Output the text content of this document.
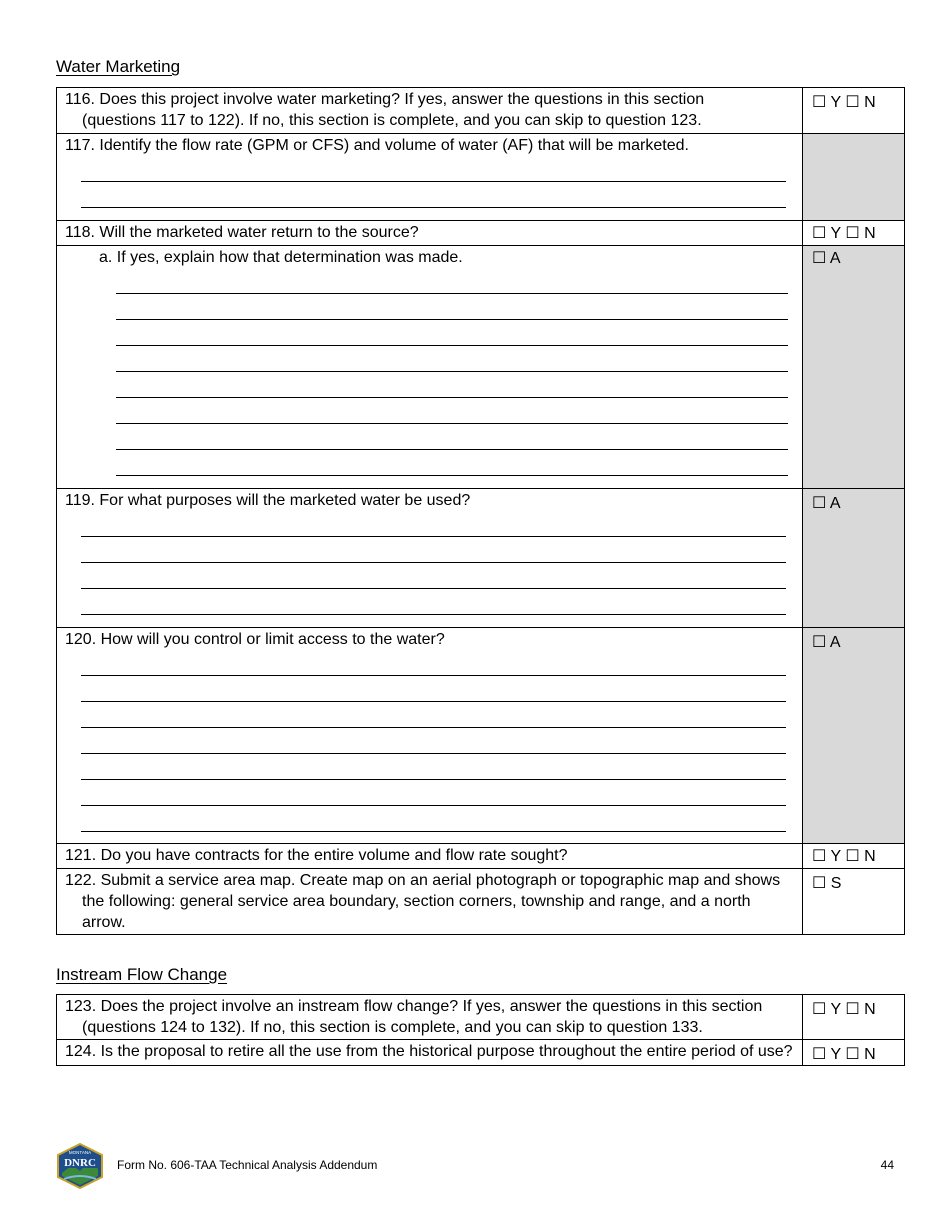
Water Marketing
116. Does this project involve water marketing? If yes, answer the questions in this section
(questions 117 to 122). If no, this section is complete, and you can skip to question 123.	☐ Y ☐ N

117. Identify the flow rate (GPM or CFS) and volume of water (AF) that will be marketed.	

118. Will the marketed water return to the source?	☐ Y ☐ N

a. If yes, explain how that determination was made.	☐ A

119. For what purposes will the marketed water be used?	☐ A

120. How will you control or limit access to the water?	☐ A

121. Do you have contracts for the entire volume and flow rate sought?	☐ Y ☐ N

122. Submit a service area map. Create map on an aerial photograph or topographic map and shows the following: general service area boundary, section corners, township and range, and a north arrow.	☐ S
Instream Flow Change
123. Does the project involve an instream flow change? If yes, answer the questions in this section (questions 124 to 132). If no, this section is complete, and you can skip to question 133.	☐ Y ☐ N

124. Is the proposal to retire all the use from the historical purpose throughout the entire period of use?	☐ Y ☐ N
MONTANA
DNRC Form No. 606-TAA Technical Analysis Addendum	44
